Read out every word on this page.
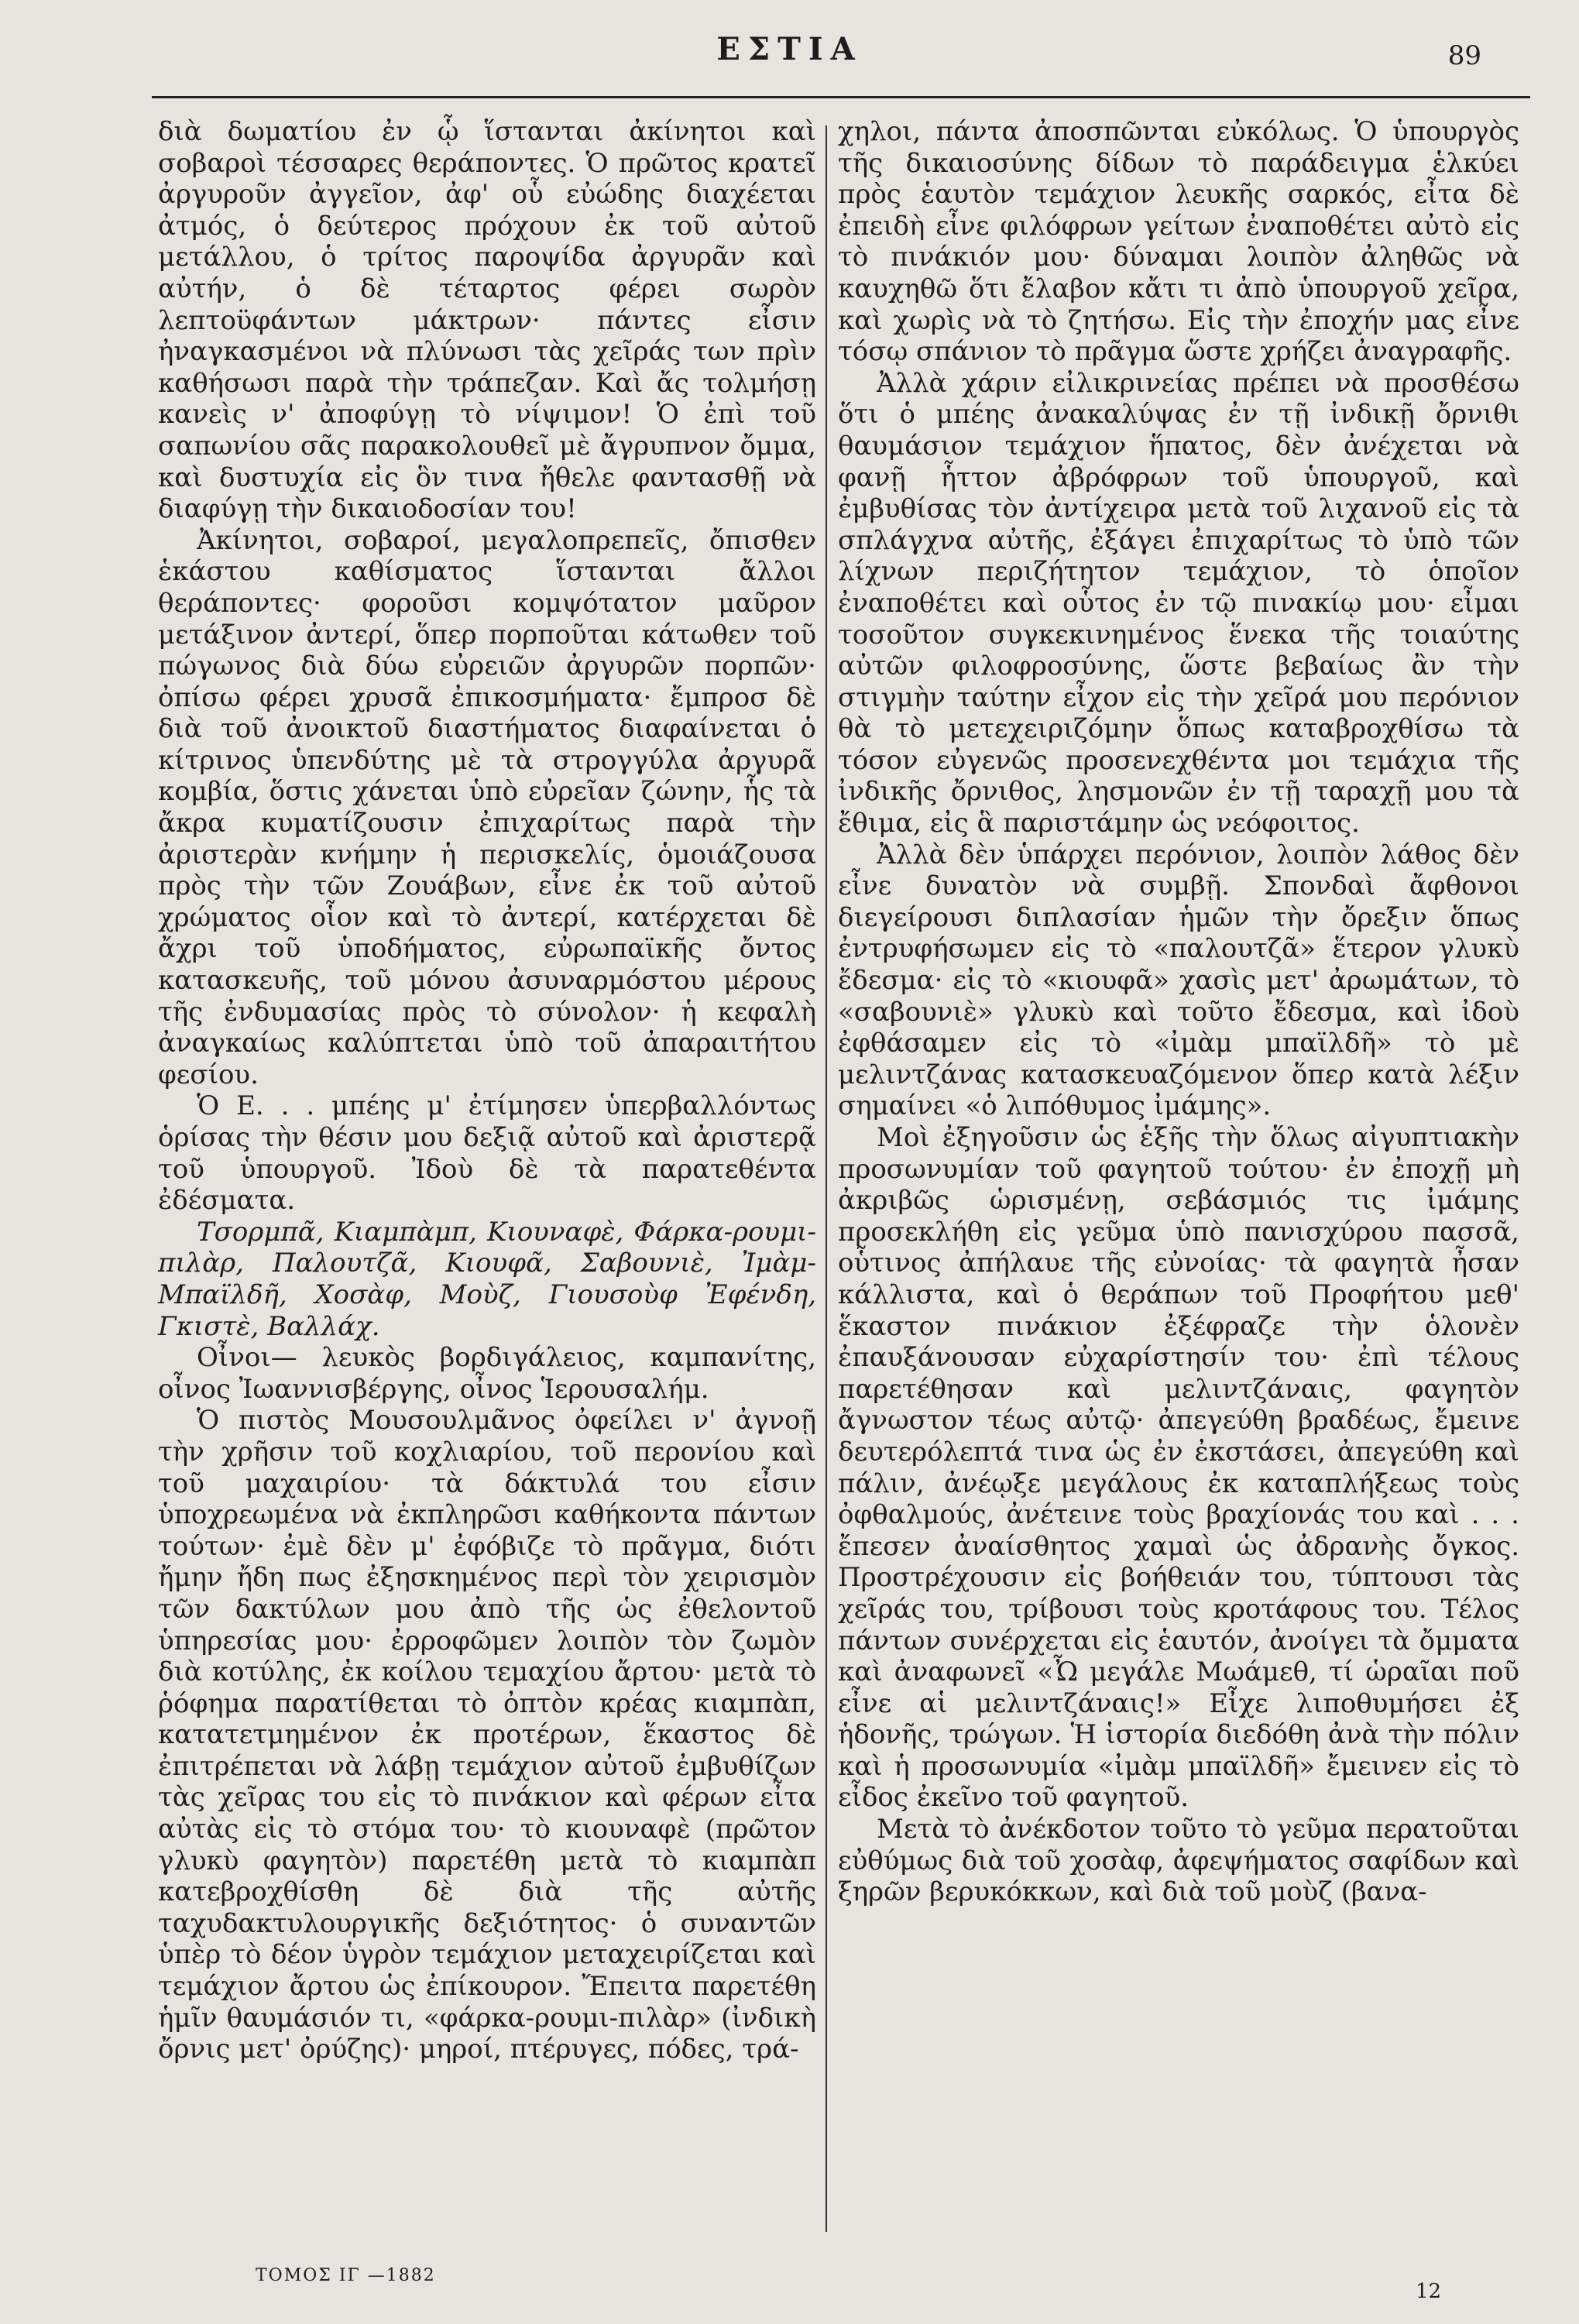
ΕΣΤΙΑ	89

διὰ δωματίου ἐν ᾧ ἵστανται ἀκίνητοι καὶ σοβαροὶ τέσσαρες θεράποντες. Ὁ πρῶτος κρατεῖ ἀργυροῦν ἀγγεῖον, ἀφ' οὗ εὐώδης διαχέεται ἀτμός, ὁ δεύτερος πρόχουν ἐκ τοῦ αὐτοῦ μετάλλου, ὁ τρίτος παροψίδα ἀργυρᾶν καὶ αὐτήν, ὁ δὲ τέταρτος φέρει σωρὸν λεπτοϋφάντων μάκτρων· πάντες εἶσιν ἠναγκασμένοι νὰ πλύνωσι τὰς χεῖράς των πρὶν καθήσωσι παρὰ τὴν τράπεζαν. Καὶ ἄς τολμήσῃ κανεὶς ν' ἀποφύγῃ τὸ νίψιμον! Ὁ ἐπὶ τοῦ σαπωνίου σᾶς παρακολουθεῖ μὲ ἄγρυπνον ὄμμα, καὶ δυστυχία εἰς ὃν τινα ἤθελε φαντασθῇ νὰ διαφύγῃ τὴν δικαιοδοσίαν του!

Ἀκίνητοι, σοβαροί, μεγαλοπρεπεῖς, ὄπισθεν ἑκάστου καθίσματος ἵστανται ἄλλοι θεράποντες· φοροῦσι κομψότατον μαῦρον μετάξινον ἀντερί, ὅπερ πορποῦται κάτωθεν τοῦ πώγωνος διὰ δύω εὐρειῶν ἀργυρῶν πορπῶν· ὀπίσω φέρει χρυσᾶ ἐπικοσμήματα· ἔμπροσ δὲ διὰ τοῦ ἀνοικτοῦ διαστήματος διαφαίνεται ὁ κίτρινος ὑπενδύτης μὲ τὰ στρογγύλα ἀργυρᾶ κομβία, ὅστις χάνεται ὑπὸ εὐρεῖαν ζώνην, ἧς τὰ ἄκρα κυματίζουσιν ἐπιχαρίτως παρὰ τὴν ἀριστερὰν κνήμην ἡ περισκελίς, ὁμοιάζουσα πρὸς τὴν τῶν Ζουάβων, εἶνε ἐκ τοῦ αὐτοῦ χρώματος οἷον καὶ τὸ ἀντερί, κατέρχεται δὲ ἄχρι τοῦ ὑποδήματος, εὐρωπαϊκῆς ὄντος κατασκευῆς, τοῦ μόνου ἀσυναρμόστου μέρους τῆς ἐνδυμασίας πρὸς τὸ σύνολον· ἡ κεφαλὴ ἀναγκαίως καλύπτεται ὑπὸ τοῦ ἀπαραιτήτου φεσίου.

Ὁ Ε. . . μπέης μ' ἐτίμησεν ὑπερβαλλόντως ὁρίσας τὴν θέσιν μου δεξιᾷ αὐτοῦ καὶ ἀριστερᾷ τοῦ ὑπουργοῦ. Ἰδοὺ δὲ τὰ παρατεθέντα ἐδέσματα.

Τσορμπᾶ, Κιαμπὰμπ, Κιουναφὲ, Φάρκα-ρουμι-πιλὰρ, Παλουτζᾶ, Κιουφᾶ, Σαβουνιὲ, Ἰμὰμ-Μπαϊλδῆ, Χοσὰφ, Μοὺζ, Γιουσοὺφ Ἐφένδη, Γκιστὲ, Βαλλάχ.

Οἶνοι— λευκὸς βορδιγάλειος, καμπανίτης, οἶνος Ἰωαννισβέργης, οἶνος Ἱερουσαλήμ.

Ὁ πιστὸς Μουσουλμᾶνος ὀφείλει ν' ἀγνοῇ τὴν χρῆσιν τοῦ κοχλιαρίου, τοῦ περονίου καὶ τοῦ μαχαιρίου· τὰ δάκτυλά του εἶσιν ὑποχρεωμένα νὰ ἐκπληρῶσι καθήκοντα πάντων τούτων· ἐμὲ δὲν μ' ἐφόβιζε τὸ πρᾶγμα, διότι ἤμην ἤδη πως ἐξησκημένος περὶ τὸν χειρισμὸν τῶν δακτύλων μου ἀπὸ τῆς ὡς ἐθελοντοῦ ὑπηρεσίας μου· ἐρροφῶμεν λοιπὸν τὸν ζωμὸν διὰ κοτύλης, ἐκ κοίλου τεμαχίου ἄρτου· μετὰ τὸ ῥόφημα παρατίθεται τὸ ὀπτὸν κρέας κιαμπὰπ, κατατετμημένον ἐκ προτέρων, ἕκαστος δὲ ἐπιτρέπεται νὰ λάβῃ τεμάχιον αὐτοῦ ἐμβυθίζων τὰς χεῖρας του εἰς τὸ πινάκιον καὶ φέρων εἶτα αὐτὰς εἰς τὸ στόμα του· τὸ κιουναφὲ (πρῶτον γλυκὺ φαγητὸν) παρετέθη μετὰ τὸ κιαμπὰπ κατεβροχθίσθη δὲ διὰ τῆς αὐτῆς ταχυδακτυλουργικῆς δεξιότητος· ὁ συναντῶν ὑπὲρ τὸ δέον ὑγρὸν τεμάχιον μεταχειρίζεται καὶ τεμάχιον ἄρτου ὡς ἐπίκουρον. Ἔπειτα παρετέθη ἡμῖν θαυμάσιόν τι, «φάρκα-ρουμι-πιλὰρ» (ἰνδικὴ ὄρνις μετ' ὀρύζης)· μηροί, πτέρυγες, πόδες, τρά-

χηλοι, πάντα ἀποσπῶνται εὐκόλως. Ὁ ὑπουργὸς τῆς δικαιοσύνης δίδων τὸ παράδειγμα ἑλκύει πρὸς ἑαυτὸν τεμάχιον λευκῆς σαρκός, εἶτα δὲ ἐπειδὴ εἶνε φιλόφρων γείτων ἐναποθέτει αὐτὸ εἰς τὸ πινάκιόν μου· δύναμαι λοιπὸν ἀληθῶς νὰ καυχηθῶ ὅτι ἔλαβον κἄτι τι ἀπὸ ὑπουργοῦ χεῖρα, καὶ χωρὶς νὰ τὸ ζητήσω. Εἰς τὴν ἐποχήν μας εἶνε τόσῳ σπάνιον τὸ πρᾶγμα ὥστε χρήζει ἀναγραφῆς.

Ἀλλὰ χάριν εἰλικρινείας πρέπει νὰ προσθέσω ὅτι ὁ μπέης ἀνακαλύψας ἐν τῇ ἰνδικῇ ὄρνιθι θαυμάσιον τεμάχιον ἥπατος, δὲν ἀνέχεται νὰ φανῇ ἧττον ἀβρόφρων τοῦ ὑπουργοῦ, καὶ ἐμβυθίσας τὸν ἀντίχειρα μετὰ τοῦ λιχανοῦ εἰς τὰ σπλάγχνα αὐτῆς, ἐξάγει ἐπιχαρίτως τὸ ὑπὸ τῶν λίχνων περιζήτητον τεμάχιον, τὸ ὁποῖον ἐναποθέτει καὶ οὗτος ἐν τῷ πινακίῳ μου· εἶμαι τοσοῦτον συγκεκινημένος ἕνεκα τῆς τοιαύτης αὐτῶν φιλοφροσύνης, ὥστε βεβαίως ἂν τὴν στιγμὴν ταύτην εἶχον εἰς τὴν χεῖρά μου περόνιον θὰ τὸ μετεχειριζόμην ὅπως καταβροχθίσω τὰ τόσον εὐγενῶς προσενεχθέντα μοι τεμάχια τῆς ἰνδικῆς ὄρνιθος, λησμονῶν ἐν τῇ ταραχῇ μου τὰ ἔθιμα, εἰς ἃ παριστάμην ὡς νεόφοιτος.

Ἀλλὰ δὲν ὑπάρχει περόνιον, λοιπὸν λάθος δὲν εἶνε δυνατὸν νὰ συμβῇ. Σπονδαὶ ἄφθονοι διεγείρουσι διπλασίαν ἡμῶν τὴν ὄρεξιν ὅπως ἐντρυφήσωμεν εἰς τὸ «παλουτζᾶ» ἕτερον γλυκὺ ἔδεσμα· εἰς τὸ «κιουφᾶ» χασὶς μετ' ἀρωμάτων, τὸ «σαβουνιὲ» γλυκὺ καὶ τοῦτο ἔδεσμα, καὶ ἰδοὺ ἐφθάσαμεν εἰς τὸ «ἰμὰμ μπαϊλδῆ» τὸ μὲ μελιντζάνας κατασκευαζόμενον ὅπερ κατὰ λέξιν σημαίνει «ὁ λιπόθυμος ἰμάμης».

Μοὶ ἐξηγοῦσιν ὡς ἑξῆς τὴν ὅλως αἰγυπτιακὴν προσωνυμίαν τοῦ φαγητοῦ τούτου· ἐν ἐποχῇ μὴ ἀκριβῶς ὡρισμένῃ, σεβάσμιός τις ἰμάμης προσεκλήθη εἰς γεῦμα ὑπὸ πανισχύρου πασσᾶ, οὗτινος ἀπήλαυε τῆς εὐνοίας· τὰ φαγητὰ ἦσαν κάλλιστα, καὶ ὁ θεράπων τοῦ Προφήτου μεθ' ἕκαστον πινάκιον ἐξέφραζε τὴν ὁλονὲν ἐπαυξάνουσαν εὐχαρίστησίν του· ἐπὶ τέλους παρετέθησαν καὶ μελιντζάναις, φαγητὸν ἄγνωστον τέως αὐτῷ· ἀπεγεύθη βραδέως, ἔμεινε δευτερόλεπτά τινα ὡς ἐν ἐκστάσει, ἀπεγεύθη καὶ πάλιν, ἀνέῳξε μεγάλους ἐκ καταπλήξεως τοὺς ὀφθαλμούς, ἀνέτεινε τοὺς βραχίονάς του καὶ . . . ἔπεσεν ἀναίσθητος χαμαὶ ὡς ἀδρανὴς ὄγκος. Προστρέχουσιν εἰς βοήθειάν του, τύπτουσι τὰς χεῖράς του, τρίβουσι τοὺς κροτάφους του. Τέλος πάντων συνέρχεται εἰς ἑαυτόν, ἀνοίγει τὰ ὄμματα καὶ ἀναφωνεῖ «Ὦ μεγάλε Μωάμεθ, τί ὡραῖαι ποῦ εἶνε αἱ μελιντζάναις!» Εἶχε λιποθυμήσει ἐξ ἡδονῆς, τρώγων. Ἡ ἱστορία διεδόθη ἀνὰ τὴν πόλιν καὶ ἡ προσωνυμία «ἰμὰμ μπαϊλδῆ» ἔμεινεν εἰς τὸ εἶδος ἐκεῖνο τοῦ φαγητοῦ.

Μετὰ τὸ ἀνέκδοτον τοῦτο τὸ γεῦμα περατοῦται εὐθύμως διὰ τοῦ χοσὰφ, ἀφεψήματος σαφίδων καὶ ξηρῶν βερυκόκκων, καὶ διὰ τοῦ μοὺζ (βανα-

ΤΟΜΟΣ ΙΓ —1882
12
